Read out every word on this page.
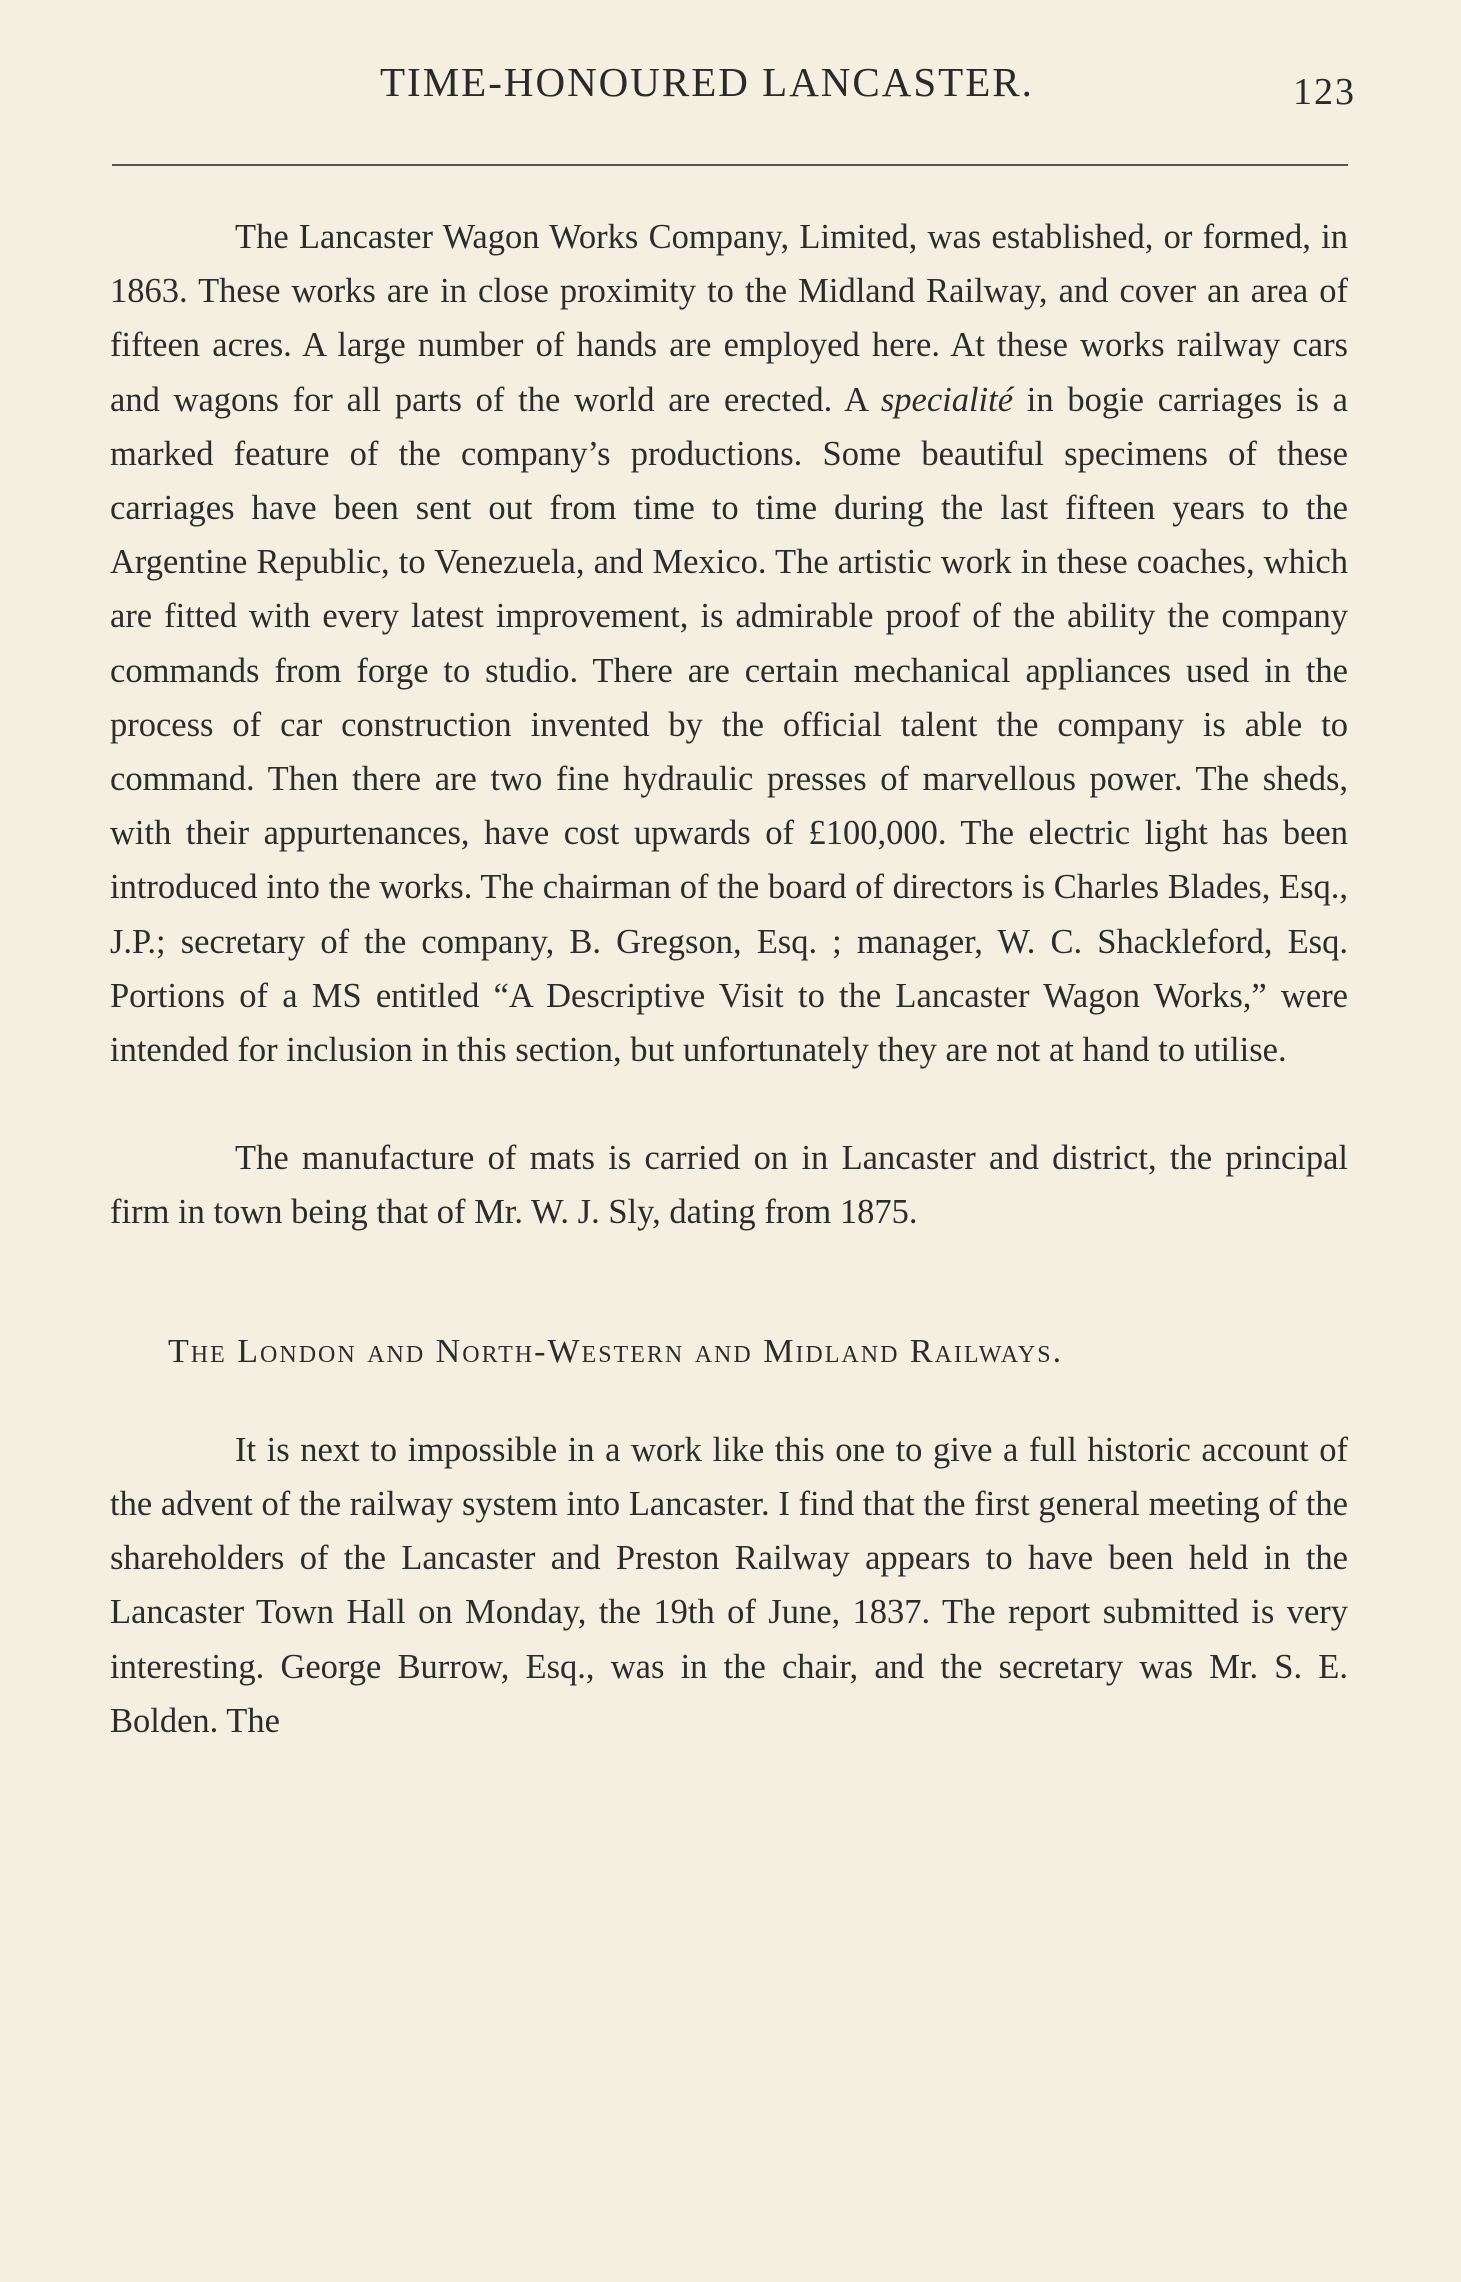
TIME-HONOURED LANCASTER.	123

The Lancaster Wagon Works Company, Limited, was established, or formed, in 1863. These works are in close proximity to the Midland Railway, and cover an area of fifteen acres. A large number of hands are employed here. At these works railway cars and wagons for all parts of the world are erected. A specialité in bogie carriages is a marked feature of the company’s productions. Some beautiful specimens of these carriages have been sent out from time to time during the last fifteen years to the Argentine Republic, to Venezuela, and Mexico. The artistic work in these coaches, which are fitted with every latest improvement, is admirable proof of the ability the company commands from forge to studio. There are certain mechanical appliances used in the process of car construction invented by the official talent the company is able to command. Then there are two fine hydraulic presses of marvellous power. The sheds, with their appurtenances, have cost upwards of £100,000. The electric light has been introduced into the works. The chairman of the board of directors is Charles Blades, Esq., J.P.; secretary of the company, B. Gregson, Esq. ; manager, W. C. Shackleford, Esq. Portions of a MS entitled “A Descriptive Visit to the Lancaster Wagon Works,” were intended for inclusion in this section, but unfortunately they are not at hand to utilise.

The manufacture of mats is carried on in Lancaster and district, the principal firm in town being that of Mr. W. J. Sly, dating from 1875.

The London and North-Western and Midland Railways.

It is next to impossible in a work like this one to give a full historic account of the advent of the railway system into Lancaster. I find that the first general meeting of the shareholders of the Lancaster and Preston Railway appears to have been held in the Lancaster Town Hall on Monday, the 19th of June, 1837. The report submitted is very interesting. George Burrow, Esq., was in the chair, and the secretary was Mr. S. E. Bolden. The
